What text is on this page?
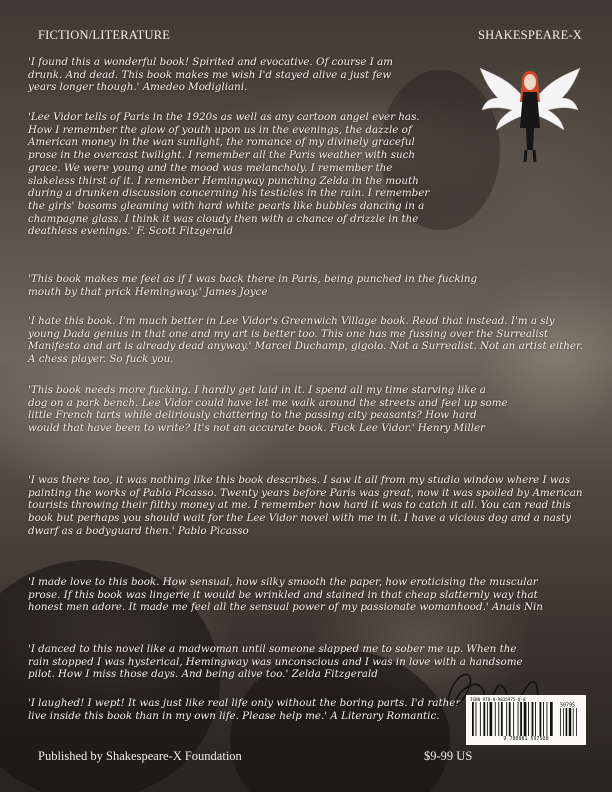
FICTION/LITERATURE	SHAKESPEARE-X
'I found this a wonderful book! Spirited and evocative. Of course I am drunk. And dead. This book makes me wish I'd stayed alive a just few years longer though.' Amedeo Modigliani.
'Lee Vidor tells of Paris in the 1920s as well as any cartoon angel ever has. How I remember the glow of youth upon us in the evenings, the dazzle of American money in the wan sunlight, the romance of my divinely graceful prose in the overcast twilight. I remember all the Paris weather with such grace. We were young and the mood was melancholy. I remember the slakeless thirst of it. I remember Hemingway punching Zelda in the mouth during a drunken discussion concerning his testicles in the rain. I remember the girls' bosoms gleaming with hard white pearls like bubbles dancing in a champagne glass. I think it was cloudy then with a chance of drizzle in the deathless evenings.' F. Scott Fitzgerald
'This book makes me feel as if I was back there in Paris, being punched in the fucking mouth by that prick Hemingway.' James Joyce
'I hate this book. I'm much better in Lee Vidor's Greenwich Village book. Read that instead. I'm a sly young Dada genius in that one and my art is better too. This one has me fussing over the Surrealist Manifesto and art is already dead anyway.' Marcel Duchamp, gigolo. Not a Surrealist. Not an artist either. A chess player. So fuck you.
'This book needs more fucking. I hardly get laid in it. I spend all my time starving like a dog on a park bench. Lee Vidor could have let me walk around the streets and feel up some little French tarts while deliriously chattering to the passing city peasants? How hard would that have been to write? It's not an accurate book. Fuck Lee Vidor.' Henry Miller
'I was there too, it was nothing like this book describes. I saw it all from my studio window where I was painting the works of Pablo Picasso. Twenty years before Paris was great, now it was spoiled by American tourists throwing their filthy money at me. I remember how hard it was to catch it all. You can read this book but perhaps you should wait for the Lee Vidor novel with me in it. I have a vicious dog and a nasty dwarf as a bodyguard then.' Pablo Picasso
'I made love to this book. How sensual, how silky smooth the paper, how eroticising the muscular prose. If this book was lingerie it would be wrinkled and stained in that cheap slatternly way that honest men adore. It made me feel all the sensual power of my passionate womanhood.' Anais Nin
'I danced to this novel like a madwoman until someone slapped me to sober me up. When the rain stopped I was hysterical, Hemingway was unconscious and I was in love with a handsome pilot. How I miss those days. And being alive too.' Zelda Fitzgerald
'I laughed! I wept! It was just like real life only without the boring parts. I'd rather live inside this book than in my own life. Please help me.' A Literary Romantic.
ISBN 978-0-9815975-0-8
50795
9 780981 597508
Published by Shakespeare-X Foundation	$9-99 US
